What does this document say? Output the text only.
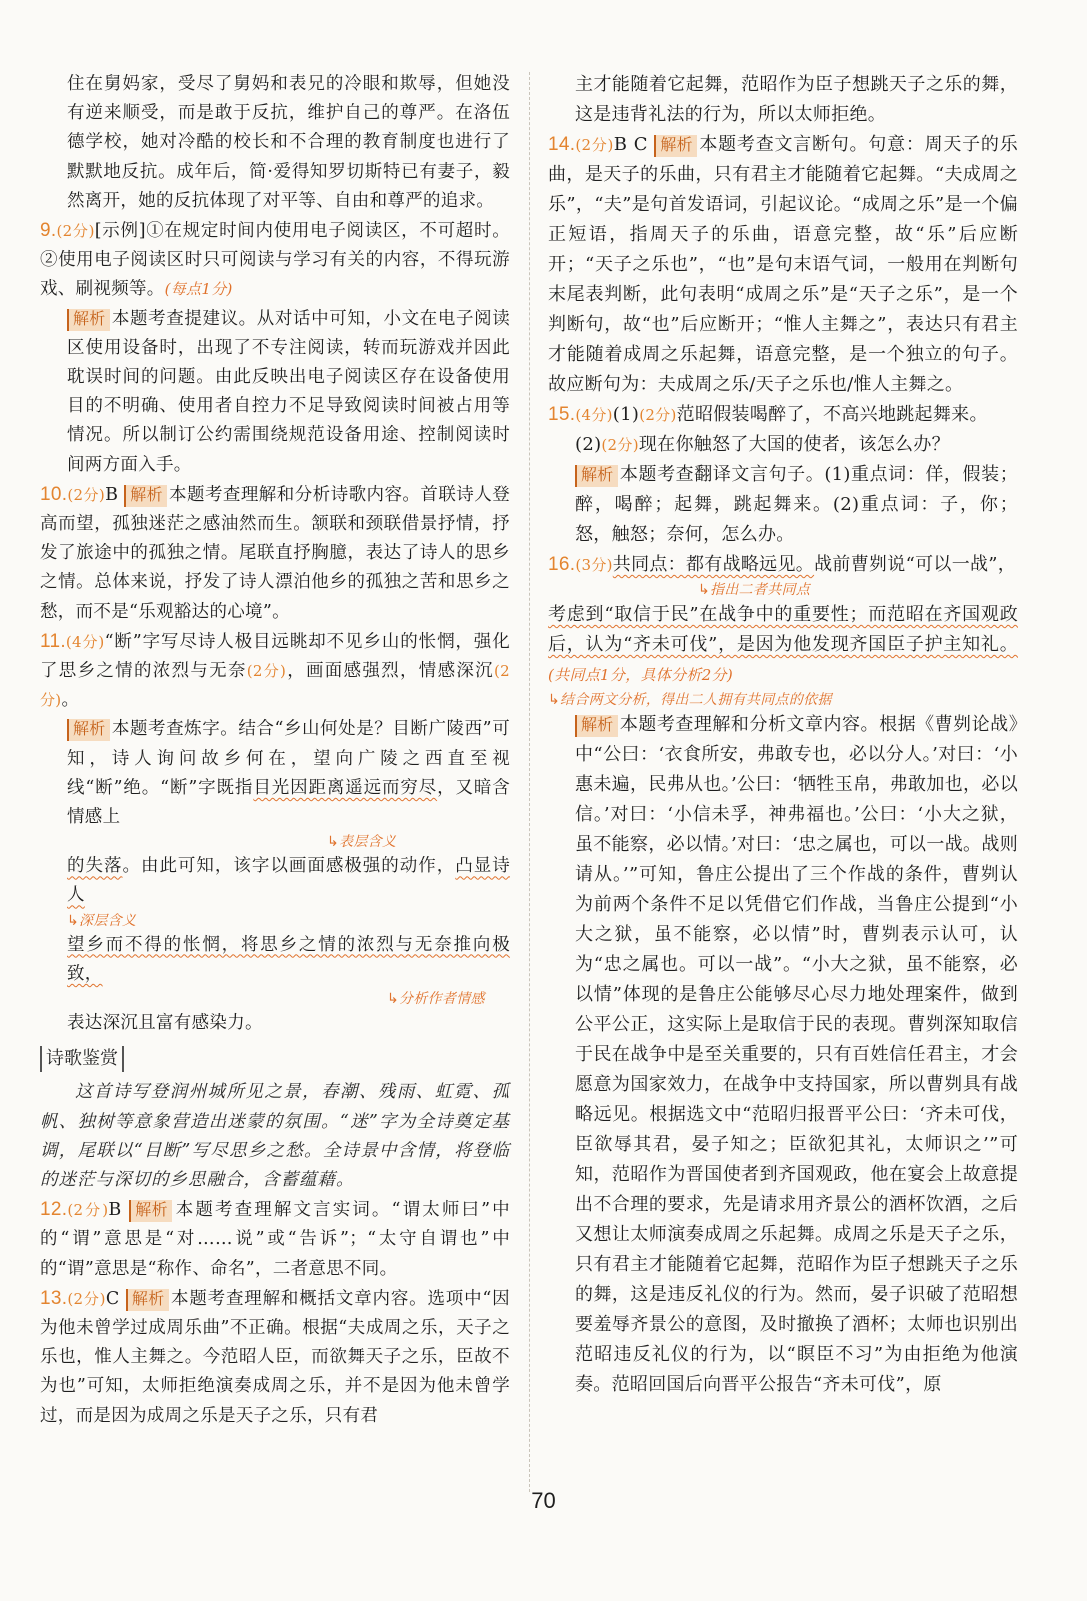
住在舅妈家，受尽了舅妈和表兄的冷眼和欺辱，但她没有逆来顺受，而是敢于反抗，维护自己的尊严。在洛伍德学校，她对冷酷的校长和不合理的教育制度也进行了默默地反抗。成年后，简·爱得知罗切斯特已有妻子，毅然离开，她的反抗体现了对平等、自由和尊严的追求。

9.(2分)[示例]①在规定时间内使用电子阅读区，不可超时。②使用电子阅读区时只可阅读与学习有关的内容，不得玩游戏、刷视频等。(每点1分)

解析 本题考查提建议。从对话中可知，小文在电子阅读区使用设备时，出现了不专注阅读，转而玩游戏并因此耽误时间的问题。由此反映出电子阅读区存在设备使用目的不明确、使用者自控力不足导致阅读时间被占用等情况。所以制订公约需围绕规范设备用途、控制阅读时间两方面入手。

10.(2分)B 解析 本题考查理解和分析诗歌内容。首联诗人登高而望，孤独迷茫之感油然而生。颔联和颈联借景抒情，抒发了旅途中的孤独之情。尾联直抒胸臆，表达了诗人的思乡之情。总体来说，抒发了诗人漂泊他乡的孤独之苦和思乡之愁，而不是“乐观豁达的心境”。

11.(4分)“断”字写尽诗人极目远眺却不见乡山的怅惘，强化了思乡之情的浓烈与无奈(2分)，画面感强烈，情感深沉(2分)。

解析 本题考查炼字。结合“乡山何处是？目断广陵西”可知，诗人询问故乡何在，望向广陵之西直至视线“断”绝。“断”字既指目光因距离遥远而穷尽，又暗含情感上
↳表层含义
的失落。由此可知，该字以画面感极强的动作，凸显诗人
↳深层含义
望乡而不得的怅惘，将思乡之情的浓烈与无奈推向极致，
↳分析作者情感
表达深沉且富有感染力。

诗歌鉴赏

这首诗写登润州城所见之景，春潮、残雨、虹霓、孤帆、独树等意象营造出迷蒙的氛围。“迷”字为全诗奠定基调，尾联以“目断”写尽思乡之愁。全诗景中含情，将登临的迷茫与深切的乡思融合，含蓄蕴藉。

12.(2分)B 解析 本题考查理解文言实词。“谓太师曰”中的“谓”意思是“对……说”或“告诉”；“太守自谓也”中的“谓”意思是“称作、命名”，二者意思不同。

13.(2分)C 解析 本题考查理解和概括文章内容。选项中“因为他未曾学过成周乐曲”不正确。根据“夫成周之乐，天子之乐也，惟人主舞之。今范昭人臣，而欲舞天子之乐，臣故不为也”可知，太师拒绝演奏成周之乐，并不是因为他未曾学过，而是因为成周之乐是天子之乐，只有君

主才能随着它起舞，范昭作为臣子想跳天子之乐的舞，这是违背礼法的行为，所以太师拒绝。

14.(2分)B C 解析 本题考查文言断句。句意：周天子的乐曲，是天子的乐曲，只有君主才能随着它起舞。“夫成周之乐”，“夫”是句首发语词，引起议论。“成周之乐”是一个偏正短语，指周天子的乐曲，语意完整，故“乐”后应断开；“天子之乐也”，“也”是句末语气词，一般用在判断句末尾表判断，此句表明“成周之乐”是“天子之乐”，是一个判断句，故“也”后应断开；“惟人主舞之”，表达只有君主才能随着成周之乐起舞，语意完整，是一个独立的句子。故应断句为：夫成周之乐/天子之乐也/惟人主舞之。

15.(4分)(1)(2分)范昭假装喝醉了，不高兴地跳起舞来。

(2)(2分)现在你触怒了大国的使者，该怎么办？

解析 本题考查翻译文言句子。(1)重点词：佯，假装；醉，喝醉；起舞，跳起舞来。(2)重点词：子，你；怒，触怒；奈何，怎么办。

16.(3分)共同点：都有战略远见。战前曹刿说“可以一战”，
↳指出二者共同点
考虑到“取信于民”在战争中的重要性；而范昭在齐国观政后，认为“齐未可伐”，是因为他发现齐国臣子护主知礼。(共同点1分，具体分析2分)
↳结合两文分析，得出二人拥有共同点的依据

解析 本题考查理解和分析文章内容。根据《曹刿论战》中“公曰：‘衣食所安，弗敢专也，必以分人。’对曰：‘小惠未遍，民弗从也。’公曰：‘牺牲玉帛，弗敢加也，必以信。’对曰：‘小信未孚，神弗福也。’公曰：‘小大之狱，虽不能察，必以情。’对曰：‘忠之属也，可以一战。战则请从。’”可知，鲁庄公提出了三个作战的条件，曹刿认为前两个条件不足以凭借它们作战，当鲁庄公提到“小大之狱，虽不能察，必以情”时，曹刿表示认可，认为“忠之属也。可以一战”。“小大之狱，虽不能察，必以情”体现的是鲁庄公能够尽心尽力地处理案件，做到公平公正，这实际上是取信于民的表现。曹刿深知取信于民在战争中是至关重要的，只有百姓信任君主，才会愿意为国家效力，在战争中支持国家，所以曹刿具有战略远见。根据选文中“范昭归报晋平公曰：‘齐未可伐，臣欲辱其君，晏子知之；臣欲犯其礼，太师识之’”可知，范昭作为晋国使者到齐国观政，他在宴会上故意提出不合理的要求，先是请求用齐景公的酒杯饮酒，之后又想让太师演奏成周之乐起舞。成周之乐是天子之乐，只有君主才能随着它起舞，范昭作为臣子想跳天子之乐的舞，这是违反礼仪的行为。然而，晏子识破了范昭想要羞辱齐景公的意图，及时撤换了酒杯；太师也识别出范昭违反礼仪的行为，以“瞑臣不习”为由拒绝为他演奏。范昭回国后向晋平公报告“齐未可伐”，原

70
